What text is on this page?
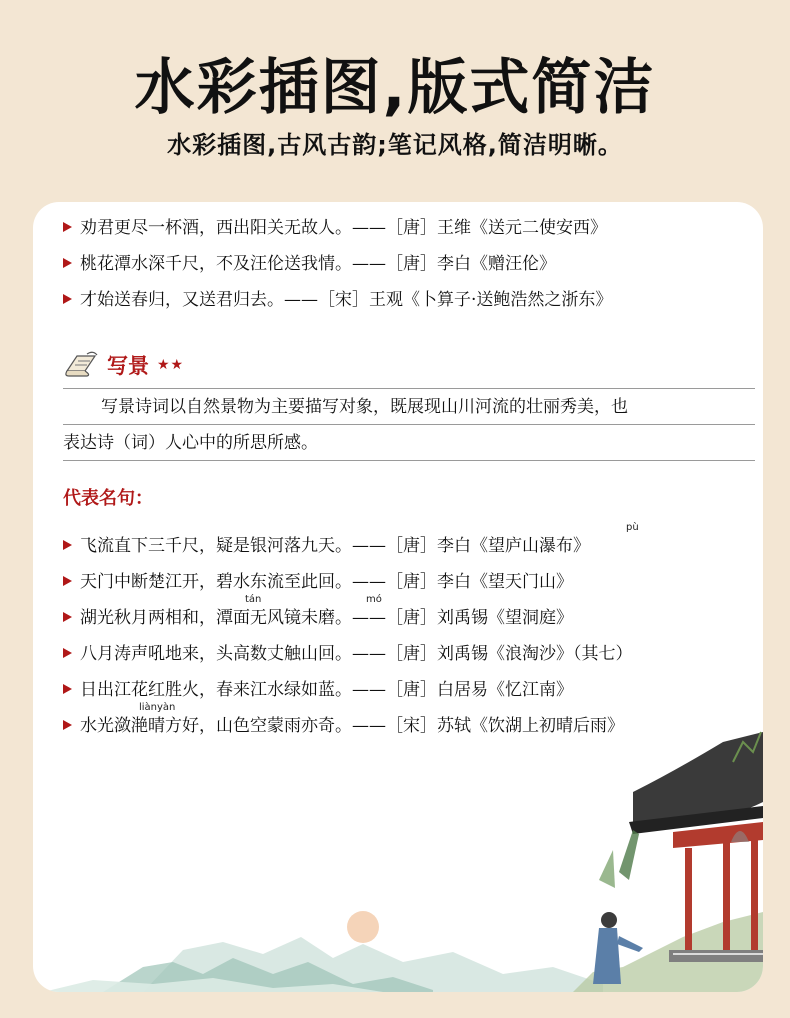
水彩插图,版式简洁
水彩插图,古风古韵;笔记风格,简洁明晰。
劝君更尽一杯酒，西出阳关无故人。——［唐］王维《送元二使安西》
桃花潭水深千尺，不及汪伦送我情。——［唐］李白《赠汪伦》
才始送春归，又送君归去。——［宋］王观《卜算子·送鲍浩然之浙东》
写景 ★★
写景诗词以自然景物为主要描写对象，既展现山川河流的壮丽秀美，也
表达诗（词）人心中的所思所感。
代表名句：
飞流直下三千尺，疑是银河落九天。——［唐］李白《望庐山瀑布》
天门中断楚江开，碧水东流至此回。——［唐］李白《望天门山》
湖光秋月两相和，潭面无风镜未磨。——［唐］刘禹锡《望洞庭》
八月涛声吼地来，头高数丈触山回。——［唐］刘禹锡《浪淘沙》（其七）
日出江花红胜火，春来江水绿如蓝。——［唐］白居易《忆江南》
水光潋滟晴方好，山色空蒙雨亦奇。——［宋］苏轼《饮湖上初晴后雨》
pù
tán	mó
liàn yàn
